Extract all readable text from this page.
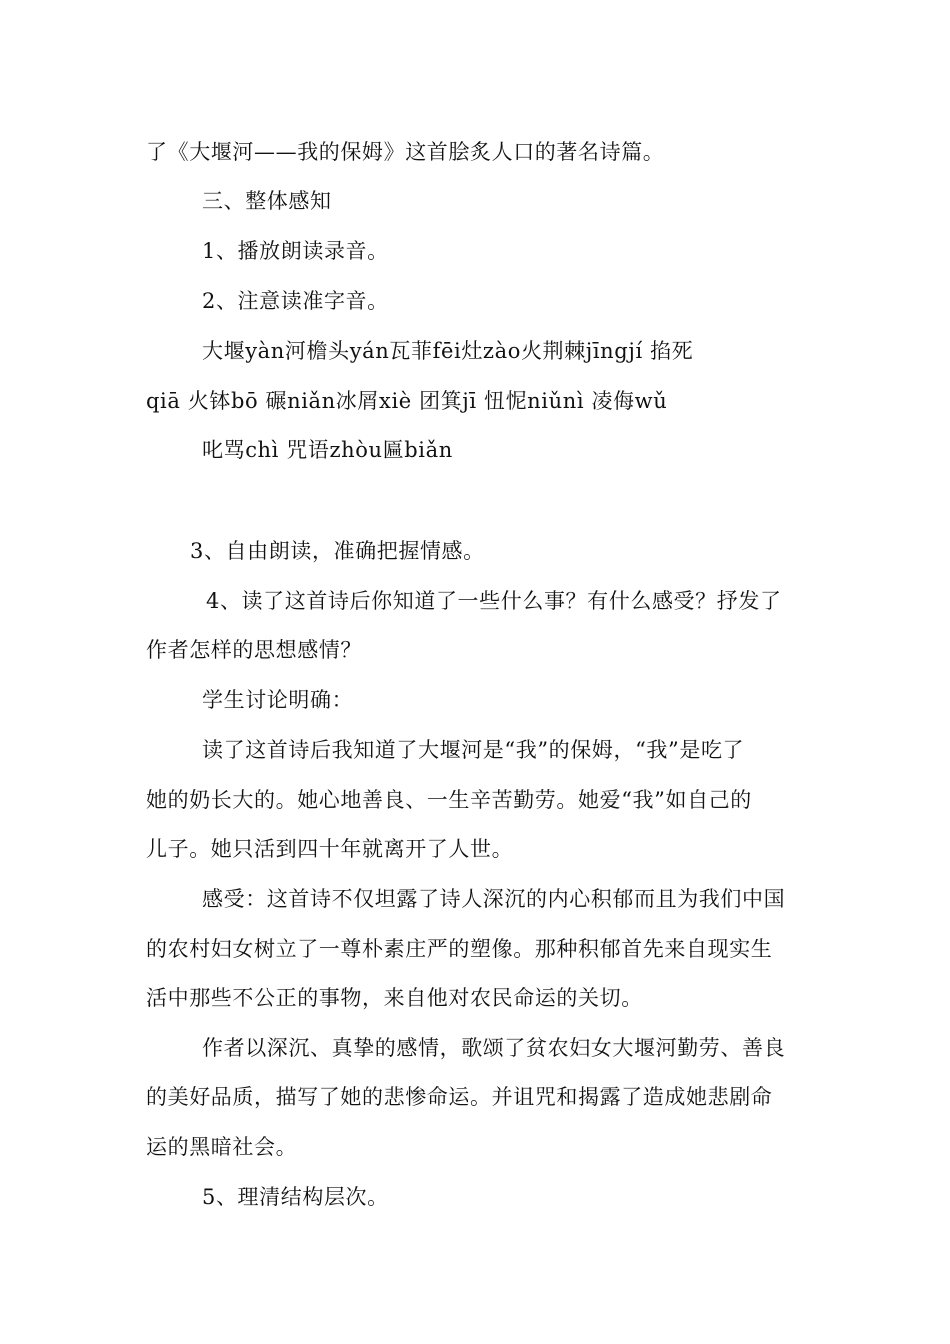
了《大堰河——我的保姆》这首脍炙人口的著名诗篇。
三、整体感知
1、播放朗读录音。
2、注意读准字音。
大堰yàn河檐头yán瓦菲fēi灶zào火荆棘jīngjí 掐死
qiā 火钵bō 碾niǎn冰屑xiè 团箕jī 忸怩niǔnì 凌侮wǔ
叱骂chì 咒语zhòu匾biǎn
3、自由朗读，准确把握情感。
4、读了这首诗后你知道了一些什么事？有什么感受？抒发了
作者怎样的思想感情？
学生讨论明确：
读了这首诗后我知道了大堰河是“我”的保姆，“我”是吃了
她的奶长大的。她心地善良、一生辛苦勤劳。她爱“我”如自己的
儿子。她只活到四十年就离开了人世。
感受：这首诗不仅坦露了诗人深沉的内心积郁而且为我们中国
的农村妇女树立了一尊朴素庄严的塑像。那种积郁首先来自现实生
活中那些不公正的事物，来自他对农民命运的关切。
作者以深沉、真挚的感情，歌颂了贫农妇女大堰河勤劳、善良
的美好品质，描写了她的悲惨命运。并诅咒和揭露了造成她悲剧命
运的黑暗社会。
5、理清结构层次。
